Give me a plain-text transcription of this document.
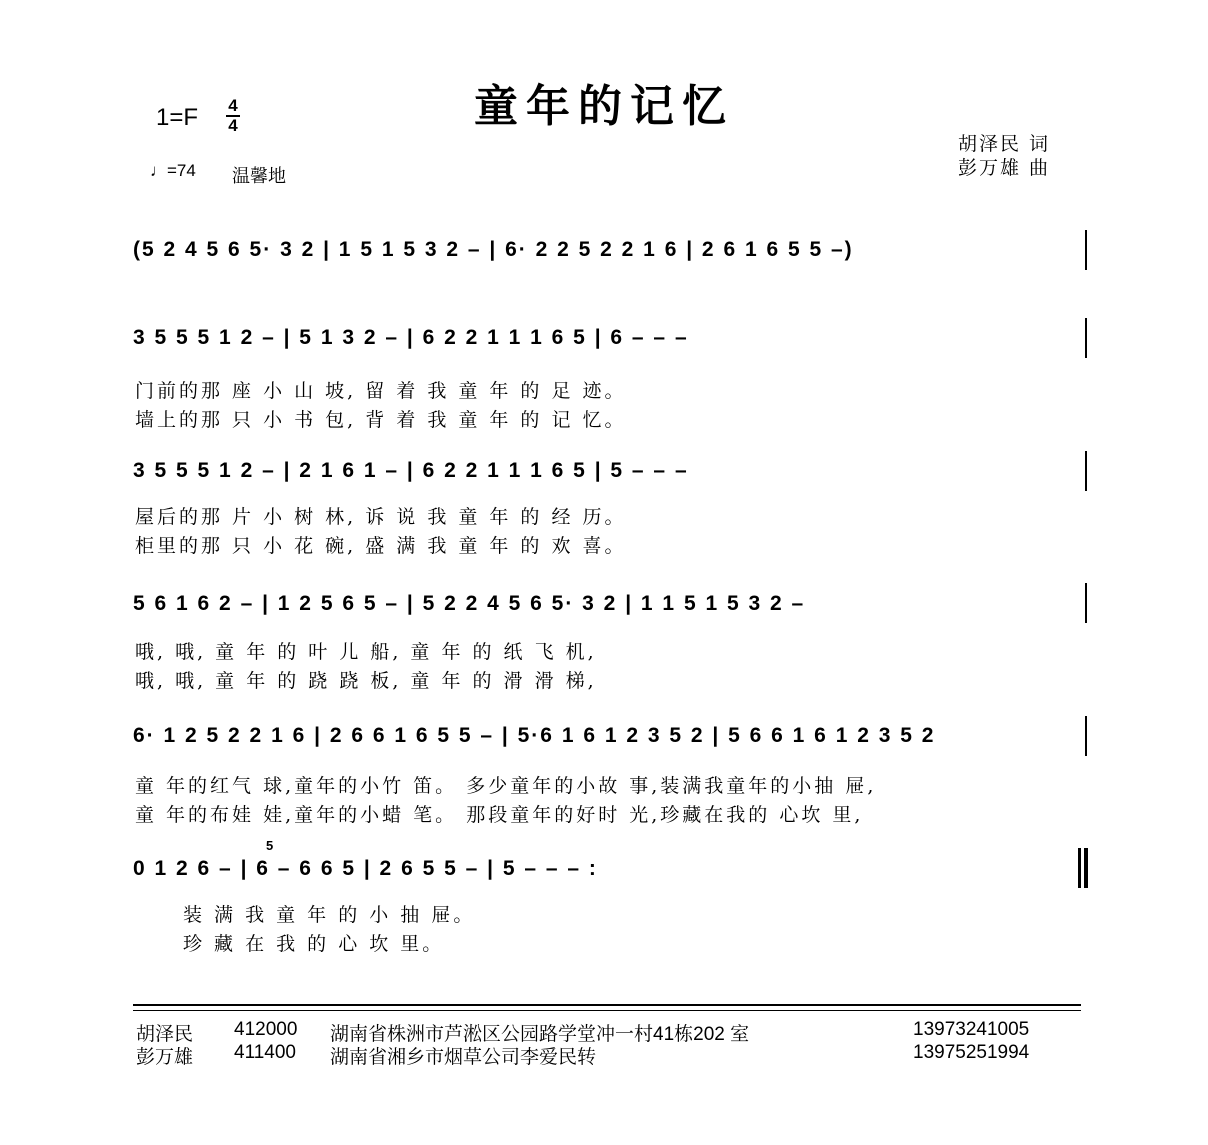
童年的记忆
1=F 4
4
♩=74 温馨地
胡泽民 词
彭万雄 曲
(5 2 4 5 6 5· 3 2 | 1 5 1 5 3 2 – | 6· 2 2 5 2 2 1 6 | 2 6 1 6 5 5 –)
3 5 5 5 1 2 – | 5 1 3 2 – | 6 2 2 1 1 1 6 5 | 6 – – –
门前的那 座 小 山 坡, 留 着 我 童 年 的 足 迹。
墙上的那 只 小 书 包, 背 着 我 童 年 的 记 忆。
3 5 5 5 1 2 – | 2 1 6 1 – | 6 2 2 1 1 1 6 5 | 5 – – –
屋后的那 片 小 树 林, 诉 说 我 童 年 的 经 历。
柜里的那 只 小 花 碗, 盛 满 我 童 年 的 欢 喜。
5 6 1 6 2 – | 1 2 5 6 5 – | 5 2 2 4 5 6 5· 3 2 | 1 1 5 1 5 3 2 –
哦, 哦, 童 年 的 叶 儿 船, 童 年 的 纸 飞 机,
哦, 哦, 童 年 的 跷 跷 板, 童 年 的 滑 滑 梯,
6· 1 2 5 2 2 1 6 | 2 6 6 1 6 5 5 – | 5·6 1 6 1 2 3 5 2 | 5 6 6 1 6 1 2 3 5 2
童 年的红气 球,童年的小竹 笛。 多少童年的小故 事,装满我童年的小抽 屉,
童 年的布娃 娃,童年的小蜡 笔。 那段童年的好时 光,珍藏在我的 心坎 里,
5
0 1 2 6 – | 6 – 6 6 5 | 2 6 5 5 – | 5 – – – :
装 满 我 童 年 的 小 抽 屉。
珍 藏 在 我 的 心 坎 里。
胡泽民 412000 湖南省株洲市芦淞区公园路学堂冲一村41栋202 室	13973241005
彭万雄 411400 湖南省湘乡市烟草公司李爱民转	13975251994
